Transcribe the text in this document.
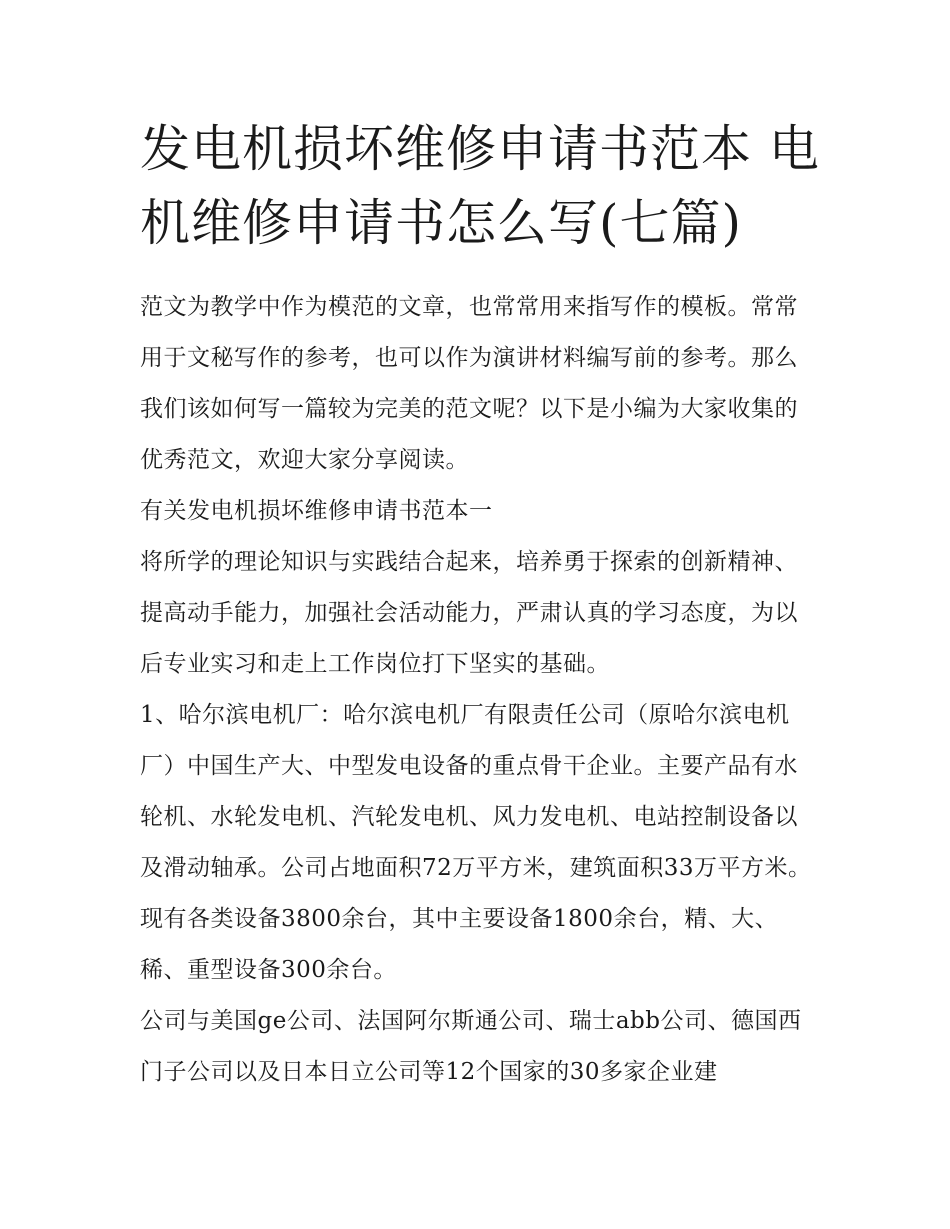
发电机损坏维修申请书范本 电机维修申请书怎么写(七篇)

范文为教学中作为模范的文章，也常常用来指写作的模板。常常用于文秘写作的参考，也可以作为演讲材料编写前的参考。那么我们该如何写一篇较为完美的范文呢？以下是小编为大家收集的优秀范文，欢迎大家分享阅读。

有关发电机损坏维修申请书范本一

将所学的理论知识与实践结合起来，培养勇于探索的创新精神、提高动手能力，加强社会活动能力，严肃认真的学习态度，为以后专业实习和走上工作岗位打下坚实的基础。

1、哈尔滨电机厂：哈尔滨电机厂有限责任公司（原哈尔滨电机厂）中国生产大、中型发电设备的重点骨干企业。主要产品有水轮机、水轮发电机、汽轮发电机、风力发电机、电站控制设备以及滑动轴承。公司占地面积72万平方米，建筑面积33万平方米。现有各类设备3800余台，其中主要设备1800余台，精、大、稀、重型设备300余台。

公司与美国ge公司、法国阿尔斯通公司、瑞士abb公司、德国西门子公司以及日本日立公司等12个国家的30多家企业建
